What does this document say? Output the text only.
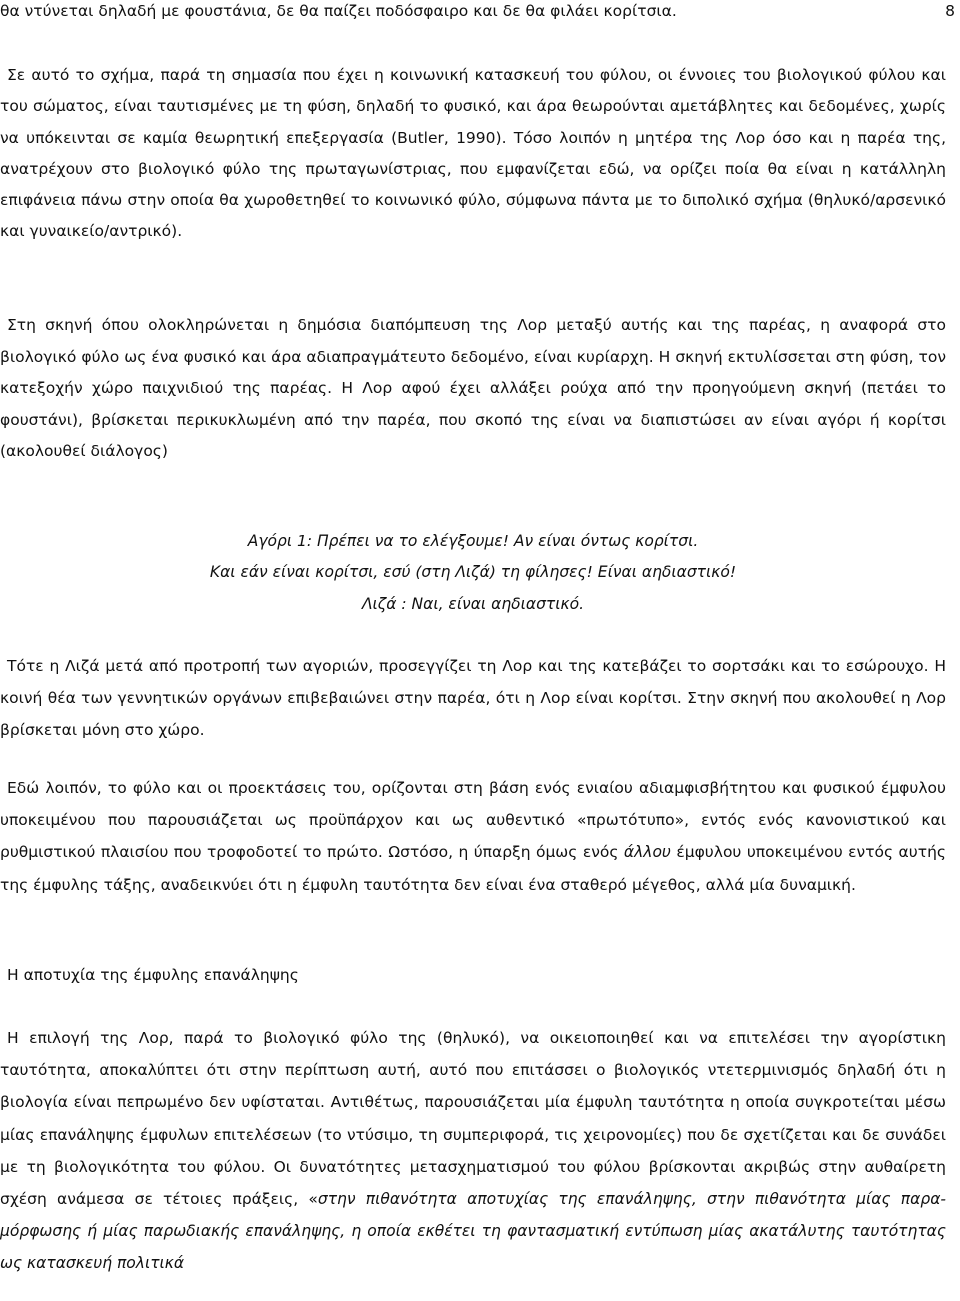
θα ντύνεται δηλαδή με φουστάνια, δε θα παίζει ποδόσφαιρο και δε θα φιλάει κορίτσια.	8

Σε αυτό το σχήμα, παρά τη σημασία που έχει η κοινωνική κατασκευή του φύλου, οι έννοιες του βιολογικού φύλου και του σώματος, είναι ταυτισμένες με τη φύση, δηλαδή το φυσικό, και άρα θεωρούνται αμετάβλητες και δεδομένες, χωρίς να υπόκεινται σε καμία θεωρητική επεξεργασία (Butler, 1990). Τόσο λοιπόν η μητέρα της Λορ όσο και η παρέα της, ανατρέχουν στο βιολογικό φύλο της πρωταγωνίστριας, που εμφανίζεται εδώ, να ορίζει ποία θα είναι η κατάλληλη επιφάνεια πάνω στην οποία θα χωροθετηθεί το κοινωνικό φύλο, σύμφωνα πάντα με το διπολικό σχήμα (θηλυκό/αρσενικό και γυναικείο/αντρικό).

Στη σκηνή όπου ολοκληρώνεται η δημόσια διαπόμπευση της Λορ μεταξύ αυτής και της παρέας, η αναφορά στο βιολογικό φύλο ως ένα φυσικό και άρα αδιαπραγμάτευτο δεδομένο, είναι κυρίαρχη. Η σκηνή εκτυλίσσεται στη φύση, τον κατεξοχήν χώρο παιχνιδιού της παρέας. Η Λορ αφού έχει αλλάξει ρούχα από την προηγούμενη σκηνή (πετάει το φουστάνι), βρίσκεται περικυκλωμένη από την παρέα, που σκοπό της είναι να διαπιστώσει αν είναι αγόρι ή κορίτσι (ακολουθεί διάλογος)

Αγόρι 1: Πρέπει να το ελέγξουμε! Αν είναι όντως κορίτσι.
Και εάν είναι κορίτσι, εσύ (στη Λιζά) τη φίλησες! Είναι αηδιαστικό!
Λιζά : Ναι, είναι αηδιαστικό.

Τότε η Λιζά μετά από προτροπή των αγοριών, προσεγγίζει τη Λορ και της κατεβάζει το σορτσάκι και το εσώρουχο. Η κοινή θέα των γεννητικών οργάνων επιβεβαιώνει στην παρέα, ότι η Λορ είναι κορίτσι. Στην σκηνή που ακολουθεί η Λορ βρίσκεται μόνη στο χώρο.

Εδώ λοιπόν, το φύλο και οι προεκτάσεις του, ορίζονται στη βάση ενός ενιαίου αδιαμφισβήτητου και φυσικού έμφυλου υποκειμένου που παρουσιάζεται ως προϋπάρχον και ως αυθεντικό «πρωτότυπο», εντός ενός κανονιστικού και ρυθμιστικού πλαισίου που τροφοδοτεί το πρώτο. Ωστόσο, η ύπαρξη όμως ενός άλλου έμφυλου υποκειμένου εντός αυτής της έμφυλης τάξης, αναδεικνύει ότι η έμφυλη ταυτότητα δεν είναι ένα σταθερό μέγεθος, αλλά μία δυναμική.

Η αποτυχία της έμφυλης επανάληψης

Η επιλογή της Λορ, παρά το βιολογικό φύλο της (θηλυκό), να οικειοποιηθεί και να επιτελέσει την αγορίστικη ταυτότητα, αποκαλύπτει ότι στην περίπτωση αυτή, αυτό που επιτάσσει ο βιολογικός ντετερμινισμός δηλαδή ότι η βιολογία είναι πεπρωμένο δεν υφίσταται. Αντιθέτως, παρουσιάζεται μία έμφυλη ταυτότητα η οποία συγκροτείται μέσω μίας επανάληψης έμφυλων επιτελέσεων (το ντύσιμο, τη συμπεριφορά, τις χειρονομίες) που δε σχετίζεται και δε συνάδει με τη βιολογικότητα του φύλου. Οι δυνατότητες μετασχηματισμού του φύλου βρίσκονται ακριβώς στην αυθαίρετη σχέση ανάμεσα σε τέτοιες πράξεις, «στην πιθανότητα αποτυχίας της επανάληψης, στην πιθανότητα μίας παρα-μόρφωσης ή μίας παρωδιακής επανάληψης, η οποία εκθέτει τη φαντασματική εντύπωση μίας ακατάλυτης ταυτότητας ως κατασκευή πολιτικά
